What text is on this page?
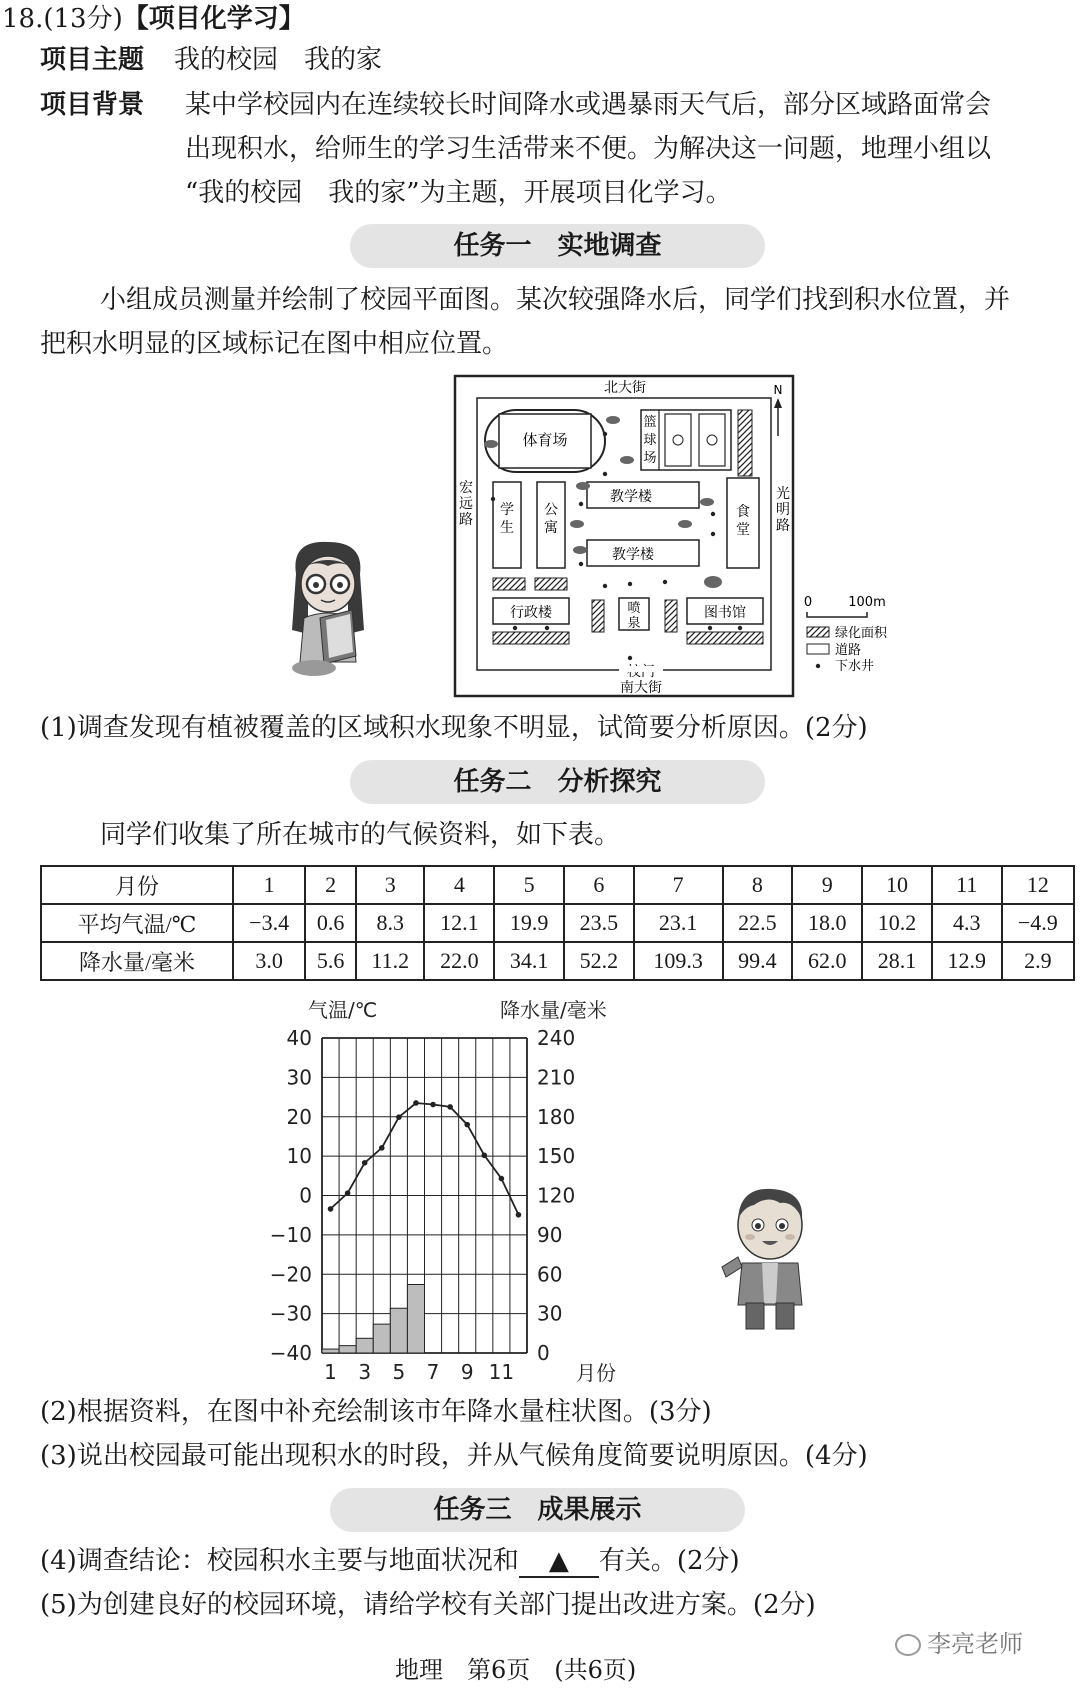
18.(13分)【项目化学习】
项目主题 我的校园　我的家
项目背景 某中学校园内在连续较长时间降水或遇暴雨天气后，部分区域路面常会
出现积水，给师生的学习生活带来不便。为解决这一问题，地理小组以
“我的校园　我的家”为主题，开展项目化学习。
任务一　实地调查
小组成员测量并绘制了校园平面图。某次较强降水后，同学们找到积水位置，并
把积水明显的区域标记在图中相应位置。
北大街
南大街
宏
远
路
光
明
路
体育场
篮
球
场
N
学
生
公
寓
教学楼
教学楼
食
堂
行政楼	喷
泉
图书馆
0	100m
绿化面积
道路
下水井
(1)调查发现有植被覆盖的区域积水现象不明显，试简要分析原因。(2分)
任务二　分析探究
同学们收集了所在城市的气候资料，如下表。
月份	1	2	3	4	5	6	7	8	9	10	11	12
平均气温/℃	−3.4	0.6	8.3	12.1	19.9	23.5	23.1	22.5	18.0	10.2	4.3	−4.9
降水量/毫米	3.0	5.6	11.2	22.0	34.1	52.2	109.3	99.4	62.0	28.1	12.9	2.9
气温/℃	降水量/毫米
月份
40
30
20
10
0
−10
−20
−30
−40
240
210
180
150
120
90
60
30
0
1 3 5 7 9 11
(2)根据资料，在图中补充绘制该市年降水量柱状图。(3分)
(3)说出校园最可能出现积水的时段，并从气候角度简要说明原因。(4分)
任务三　成果展示
(4)调查结论：校园积水主要与地面状况和 ▲ 有关。(2分)
(5)为创建良好的校园环境，请给学校有关部门提出改进方案。(2分)
地理　第6页　(共6页)
李亮老师
